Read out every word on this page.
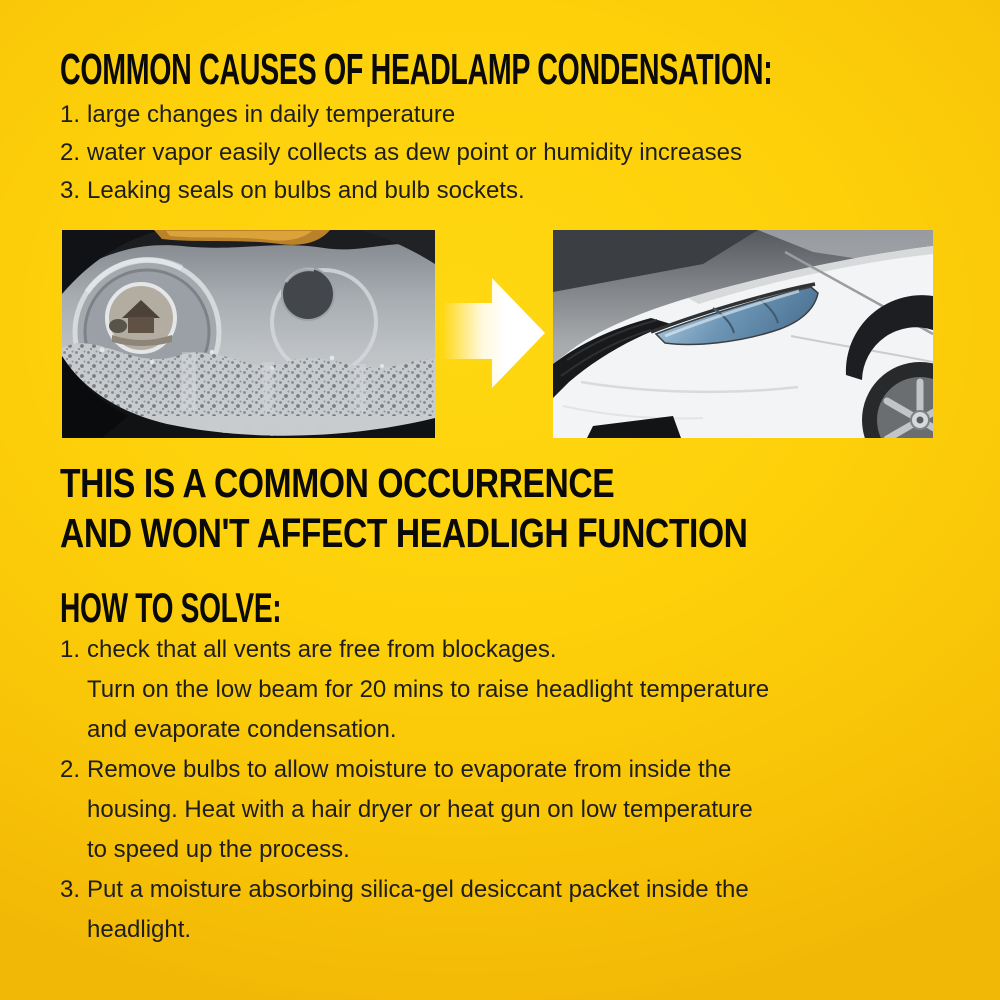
COMMON CAUSES OF HEADLAMP CONDENSATION:
1. large changes in daily temperature
2. water vapor easily collects as dew point or humidity increases
3. Leaking seals on bulbs and bulb sockets.
THIS IS A COMMON OCCURRENCE
AND WON'T AFFECT HEADLIGH FUNCTION
HOW TO SOLVE:
1. check that all vents are free from blockages.
Turn on the low beam for 20 mins to raise headlight temperature
and evaporate condensation.
2. Remove bulbs to allow moisture to evaporate from inside the
housing. Heat with a hair dryer or heat gun on low temperature
to speed up the process.
3. Put a moisture absorbing silica-gel desiccant packet inside the
headlight.
